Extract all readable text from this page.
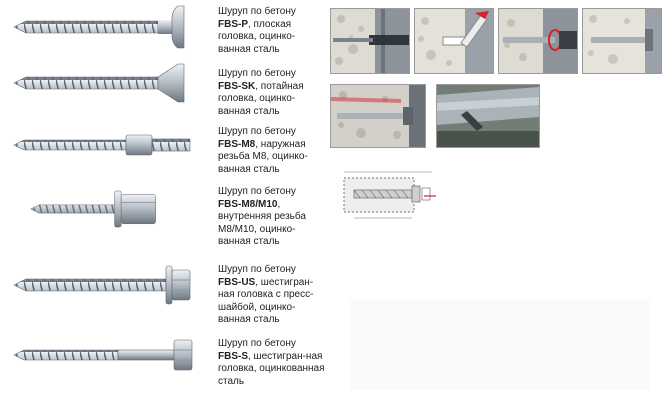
Шуруп по бетону
FBS-P, плоская головка, оцинко-ванная сталь
Шуруп по бетону
FBS-SK, потайная головка, оцинко-ванная сталь
Шуруп по бетону
FBS-M8, наружная резьба M8, оцинко-ванная сталь
Шуруп по бетону
FBS-M8/M10, внутренняя резьба M8/M10, оцинко-ванная сталь
Шуруп по бетону
FBS-US, шестигран-ная головка с пресс-шайбой, оцинко-ванная сталь
Шуруп по бетону
FBS-S, шестигран-ная головка, оцинкованная сталь
